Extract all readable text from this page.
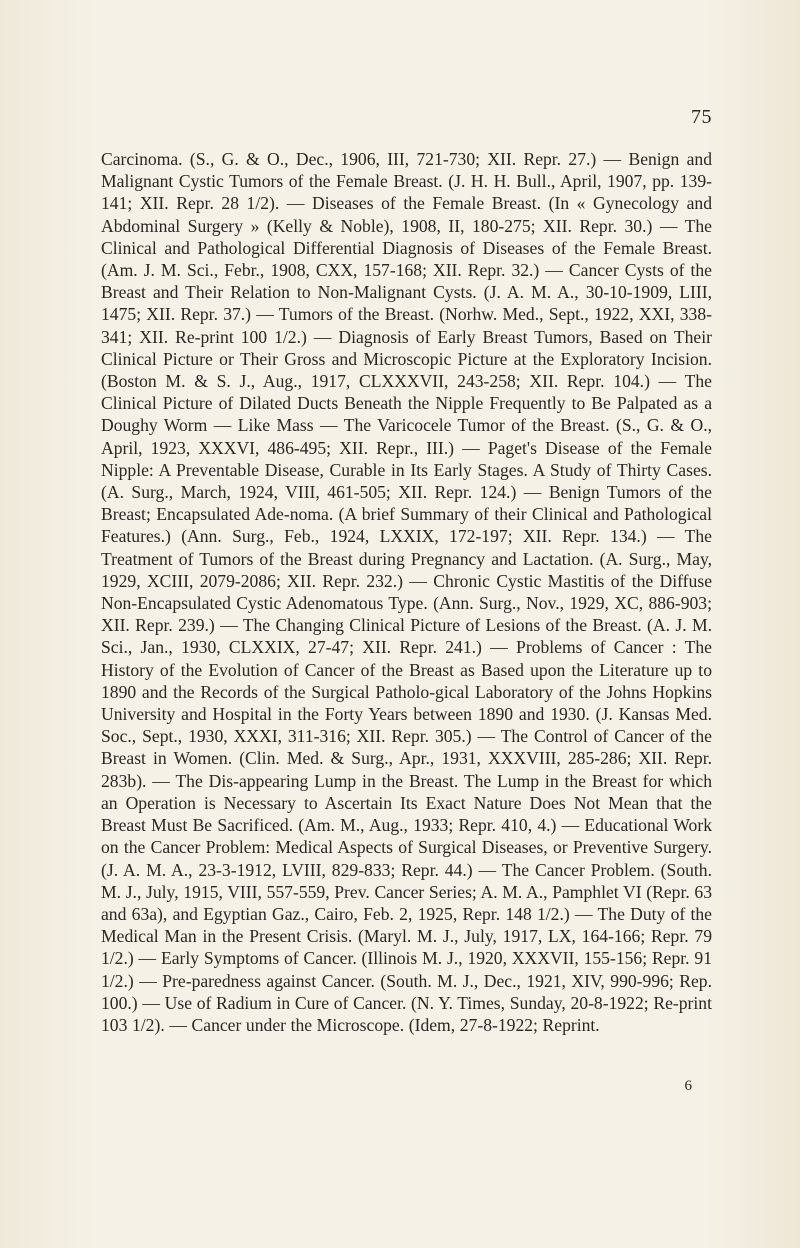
75

Carcinoma. (S., G. & O., Dec., 1906, III, 721-730; XII. Repr. 27.) — Benign and Malignant Cystic Tumors of the Female Breast. (J. H. H. Bull., April, 1907, pp. 139-141; XII. Repr. 28 1/2). — Diseases of the Female Breast. (In « Gynecology and Abdominal Surgery » (Kelly & Noble), 1908, II, 180-275; XII. Repr. 30.) — The Clinical and Pathological Differential Diagnosis of Diseases of the Female Breast. (Am. J. M. Sci., Febr., 1908, CXX, 157-168; XII. Repr. 32.) — Cancer Cysts of the Breast and Their Relation to Non-Malignant Cysts. (J. A. M. A., 30-10-1909, LIII, 1475; XII. Repr. 37.) — Tumors of the Breast. (Norhw. Med., Sept., 1922, XXI, 338-341; XII. Re-print 100 1/2.) — Diagnosis of Early Breast Tumors, Based on Their Clinical Picture or Their Gross and Microscopic Picture at the Exploratory Incision. (Boston M. & S. J., Aug., 1917, CLXXXVII, 243-258; XII. Repr. 104.) — The Clinical Picture of Dilated Ducts Beneath the Nipple Frequently to Be Palpated as a Doughy Worm — Like Mass — The Varicocele Tumor of the Breast. (S., G. & O., April, 1923, XXXVI, 486-495; XII. Repr., III.) — Paget's Disease of the Female Nipple: A Preventable Disease, Curable in Its Early Stages. A Study of Thirty Cases. (A. Surg., March, 1924, VIII, 461-505; XII. Repr. 124.) — Benign Tumors of the Breast; Encapsulated Ade-noma. (A brief Summary of their Clinical and Pathological Features.) (Ann. Surg., Feb., 1924, LXXIX, 172-197; XII. Repr. 134.) — The Treatment of Tumors of the Breast during Pregnancy and Lactation. (A. Surg., May, 1929, XCIII, 2079-2086; XII. Repr. 232.) — Chronic Cystic Mastitis of the Diffuse Non-Encapsulated Cystic Adenomatous Type. (Ann. Surg., Nov., 1929, XC, 886-903; XII. Repr. 239.) — The Changing Clinical Picture of Lesions of the Breast. (A. J. M. Sci., Jan., 1930, CLXXIX, 27-47; XII. Repr. 241.) — Problems of Cancer : The History of the Evolution of Cancer of the Breast as Based upon the Literature up to 1890 and the Records of the Surgical Patholo-gical Laboratory of the Johns Hopkins University and Hospital in the Forty Years between 1890 and 1930. (J. Kansas Med. Soc., Sept., 1930, XXXI, 311-316; XII. Repr. 305.) — The Control of Cancer of the Breast in Women. (Clin. Med. & Surg., Apr., 1931, XXXVIII, 285-286; XII. Repr. 283b). — The Dis-appearing Lump in the Breast. The Lump in the Breast for which an Operation is Necessary to Ascertain Its Exact Nature Does Not Mean that the Breast Must Be Sacrificed. (Am. M., Aug., 1933; Repr. 410, 4.) — Educational Work on the Cancer Problem: Medical Aspects of Surgical Diseases, or Preventive Surgery. (J. A. M. A., 23-3-1912, LVIII, 829-833; Repr. 44.) — The Cancer Problem. (South. M. J., July, 1915, VIII, 557-559, Prev. Cancer Series; A. M. A., Pamphlet VI (Repr. 63 and 63a), and Egyptian Gaz., Cairo, Feb. 2, 1925, Repr. 148 1/2.) — The Duty of the Medical Man in the Present Crisis. (Maryl. M. J., July, 1917, LX, 164-166; Repr. 79 1/2.) — Early Symptoms of Cancer. (Illinois M. J., 1920, XXXVII, 155-156; Repr. 91 1/2.) — Pre-paredness against Cancer. (South. M. J., Dec., 1921, XIV, 990-996; Rep. 100.) — Use of Radium in Cure of Cancer. (N. Y. Times, Sunday, 20-8-1922; Re-print 103 1/2). — Cancer under the Microscope. (Idem, 27-8-1922; Reprint.

6
